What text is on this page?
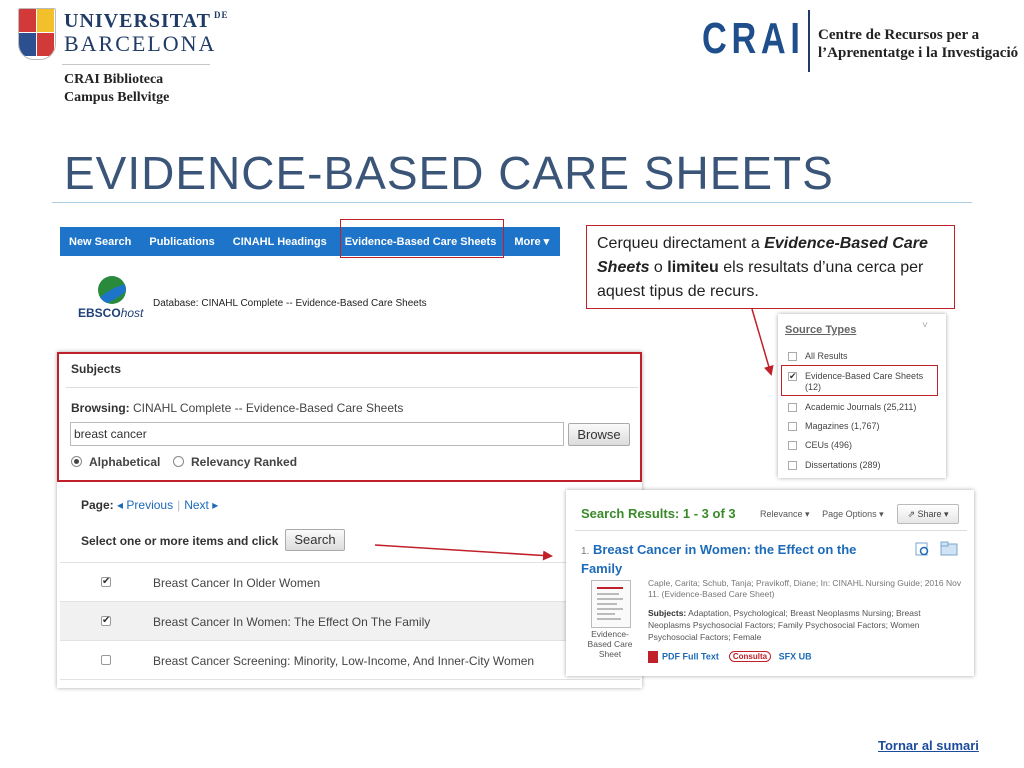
UNIVERSITAT $^{DE}$
BARCELONA
CRAI Biblioteca
Campus Bellvitge
CRAI Centre de Recursos per a
l’Aprenentatge i la Investigació
EVIDENCE-BASED CARE SHEETS
New Search	Publications	CINAHL Headings	Evidence-Based Care Sheets	More ▾
EBSCOhost
Database: CINAHL Complete -- Evidence-Based Care Sheets
Subjects
Browsing: CINAHL Complete -- Evidence-Based Care Sheets
breast cancer	Browse
Alphabetical	Relevancy Ranked
Page: ◂ Previous | Next ▸
Select one or more items and click	Search
✔	Breast Cancer In Older Women
✔	Breast Cancer In Women: The Effect On The Family
Breast Cancer Screening: Minority, Low-Income, And Inner-City Women
Cerqueu directament a Evidence-Based Care Sheets o limiteu els resultats d’una cerca per aquest tipus de recurs.
Source Types	˅
All Results
✔ Evidence-Based Care Sheets
(12)
Academic Journals (25,211)
Magazines (1,767)
CEUs (496)
Dissertations (289)
Search Results: 1 - 3 of 3	Relevance ▾ Page Options ▾	⇗ Share ▾
1. Breast Cancer in Women: the Effect on the Family
Evidence-Based Care Sheet
Caple, Carita; Schub, Tanja; Pravikoff, Diane; In: CINAHL Nursing Guide; 2016 Nov 11. (Evidence-Based Care Sheet)
Subjects: Adaptation, Psychological; Breast Neoplasms Nursing; Breast Neoplasms Psychosocial Factors; Family Psychosocial Factors; Women Psychosocial Factors; Female
PDF Full Text Consulta SFX UB
Tornar al sumari
